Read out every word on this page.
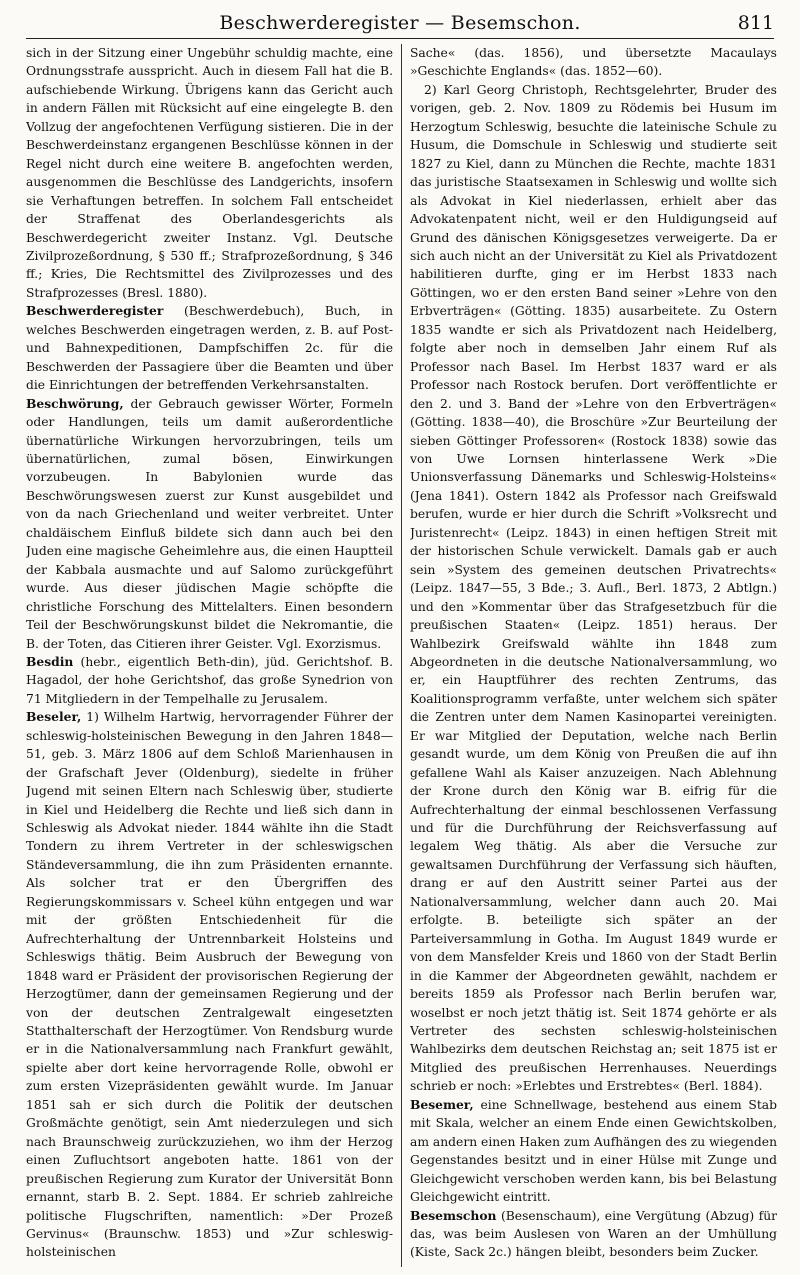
Beschwerderegister — Besemschon.	811

sich in der Sitzung einer Ungebühr schuldig machte, eine Ordnungsstrafe ausspricht. Auch in diesem Fall hat die B. aufschiebende Wirkung. Übrigens kann das Gericht auch in andern Fällen mit Rücksicht auf eine eingelegte B. den Vollzug der angefochtenen Verfügung sistieren. Die in der Beschwerdeinstanz ergangenen Beschlüsse können in der Regel nicht durch eine weitere B. angefochten werden, ausgenommen die Beschlüsse des Landgerichts, insofern sie Verhaftungen betreffen. In solchem Fall entscheidet der Straffenat des Oberlandesgerichts als Beschwerdegericht zweiter Instanz. Vgl. Deutsche Zivilprozeßordnung, § 530 ff.; Strafprozeßordnung, § 346 ff.; Kries, Die Rechtsmittel des Zivilprozesses und des Strafprozesses (Bresl. 1880).

Beschwerderegister (Beschwerdebuch), Buch, in welches Beschwerden eingetragen werden, z. B. auf Post- und Bahnexpeditionen, Dampfschiffen 2c. für die Beschwerden der Passagiere über die Beamten und über die Einrichtungen der betreffenden Verkehrsanstalten.

Beschwörung, der Gebrauch gewisser Wörter, Formeln oder Handlungen, teils um damit außerordentliche übernatürliche Wirkungen hervorzubringen, teils um übernatürlichen, zumal bösen, Einwirkungen vorzubeugen. In Babylonien wurde das Beschwörungswesen zuerst zur Kunst ausgebildet und von da nach Griechenland und weiter verbreitet. Unter chaldäischem Einfluß bildete sich dann auch bei den Juden eine magische Geheimlehre aus, die einen Hauptteil der Kabbala ausmachte und auf Salomo zurückgeführt wurde. Aus dieser jüdischen Magie schöpfte die christliche Forschung des Mittelalters. Einen besondern Teil der Beschwörungskunst bildet die Nekromantie, die B. der Toten, das Citieren ihrer Geister. Vgl. Exorzismus.

Besdin (hebr., eigentlich Beth-din), jüd. Gerichtshof. B. Hagadol, der hohe Gerichtshof, das große Synedrion von 71 Mitgliedern in der Tempelhalle zu Jerusalem.

Beseler, 1) Wilhelm Hartwig, hervorragender Führer der schleswig-holsteinischen Bewegung in den Jahren 1848—51, geb. 3. März 1806 auf dem Schloß Marienhausen in der Grafschaft Jever (Oldenburg), siedelte in früher Jugend mit seinen Eltern nach Schleswig über, studierte in Kiel und Heidelberg die Rechte und ließ sich dann in Schleswig als Advokat nieder. 1844 wählte ihn die Stadt Tondern zu ihrem Vertreter in der schleswigschen Ständeversammlung, die ihn zum Präsidenten ernannte. Als solcher trat er den Übergriffen des Regierungskommissars v. Scheel kühn entgegen und war mit der größten Entschiedenheit für die Aufrechterhaltung der Untrennbarkeit Holsteins und Schleswigs thätig. Beim Ausbruch der Bewegung von 1848 ward er Präsident der provisorischen Regierung der Herzogtümer, dann der gemeinsamen Regierung und der von der deutschen Zentralgewalt eingesetzten Statthalterschaft der Herzogtümer. Von Rendsburg wurde er in die Nationalversammlung nach Frankfurt gewählt, spielte aber dort keine hervorragende Rolle, obwohl er zum ersten Vizepräsidenten gewählt wurde. Im Januar 1851 sah er sich durch die Politik der deutschen Großmächte genötigt, sein Amt niederzulegen und sich nach Braunschweig zurückzuziehen, wo ihm der Herzog einen Zufluchtsort angeboten hatte. 1861 von der preußischen Regierung zum Kurator der Universität Bonn ernannt, starb B. 2. Sept. 1884. Er schrieb zahlreiche politische Flugschriften, namentlich: »Der Prozeß Gervinus« (Braunschw. 1853) und »Zur schleswig-holsteinischen

Sache« (das. 1856), und übersetzte Macaulays »Geschichte Englands« (das. 1852—60).

2) Karl Georg Christoph, Rechtsgelehrter, Bruder des vorigen, geb. 2. Nov. 1809 zu Rödemis bei Husum im Herzogtum Schleswig, besuchte die lateinische Schule zu Husum, die Domschule in Schleswig und studierte seit 1827 zu Kiel, dann zu München die Rechte, machte 1831 das juristische Staatsexamen in Schleswig und wollte sich als Advokat in Kiel niederlassen, erhielt aber das Advokatenpatent nicht, weil er den Huldigungseid auf Grund des dänischen Königsgesetzes verweigerte. Da er sich auch nicht an der Universität zu Kiel als Privatdozent habilitieren durfte, ging er im Herbst 1833 nach Göttingen, wo er den ersten Band seiner »Lehre von den Erbverträgen« (Götting. 1835) ausarbeitete. Zu Ostern 1835 wandte er sich als Privatdozent nach Heidelberg, folgte aber noch in demselben Jahr einem Ruf als Professor nach Basel. Im Herbst 1837 ward er als Professor nach Rostock berufen. Dort veröffentlichte er den 2. und 3. Band der »Lehre von den Erbverträgen« (Götting. 1838—40), die Broschüre »Zur Beurteilung der sieben Göttinger Professoren« (Rostock 1838) sowie das von Uwe Lornsen hinterlassene Werk »Die Unionsverfassung Dänemarks und Schleswig-Holsteins« (Jena 1841). Ostern 1842 als Professor nach Greifswald berufen, wurde er hier durch die Schrift »Volksrecht und Juristenrecht« (Leipz. 1843) in einen heftigen Streit mit der historischen Schule verwickelt. Damals gab er auch sein »System des gemeinen deutschen Privatrechts« (Leipz. 1847—55, 3 Bde.; 3. Aufl., Berl. 1873, 2 Abtlgn.) und den »Kommentar über das Strafgesetzbuch für die preußischen Staaten« (Leipz. 1851) heraus. Der Wahlbezirk Greifswald wählte ihn 1848 zum Abgeordneten in die deutsche Nationalversammlung, wo er, ein Hauptführer des rechten Zentrums, das Koalitionsprogramm verfaßte, unter welchem sich später die Zentren unter dem Namen Kasinopartei vereinigten. Er war Mitglied der Deputation, welche nach Berlin gesandt wurde, um dem König von Preußen die auf ihn gefallene Wahl als Kaiser anzuzeigen. Nach Ablehnung der Krone durch den König war B. eifrig für die Aufrechterhaltung der einmal beschlossenen Verfassung und für die Durchführung der Reichsverfassung auf legalem Weg thätig. Als aber die Versuche zur gewaltsamen Durchführung der Verfassung sich häuften, drang er auf den Austritt seiner Partei aus der Nationalversammlung, welcher dann auch 20. Mai erfolgte. B. beteiligte sich später an der Parteiversammlung in Gotha. Im August 1849 wurde er von dem Mansfelder Kreis und 1860 von der Stadt Berlin in die Kammer der Abgeordneten gewählt, nachdem er bereits 1859 als Professor nach Berlin berufen war, woselbst er noch jetzt thätig ist. Seit 1874 gehörte er als Vertreter des sechsten schleswig-holsteinischen Wahlbezirks dem deutschen Reichstag an; seit 1875 ist er Mitglied des preußischen Herrenhauses. Neuerdings schrieb er noch: »Erlebtes und Erstrebtes« (Berl. 1884).

Besemer, eine Schnellwage, bestehend aus einem Stab mit Skala, welcher an einem Ende einen Gewichtskolben, am andern einen Haken zum Aufhängen des zu wiegenden Gegenstandes besitzt und in einer Hülse mit Zunge und Gleichgewicht verschoben werden kann, bis bei Belastung Gleichgewicht eintritt.

Besemschon (Besenschaum), eine Vergütung (Abzug) für das, was beim Auslesen von Waren an der Umhüllung (Kiste, Sack 2c.) hängen bleibt, besonders beim Zucker.
